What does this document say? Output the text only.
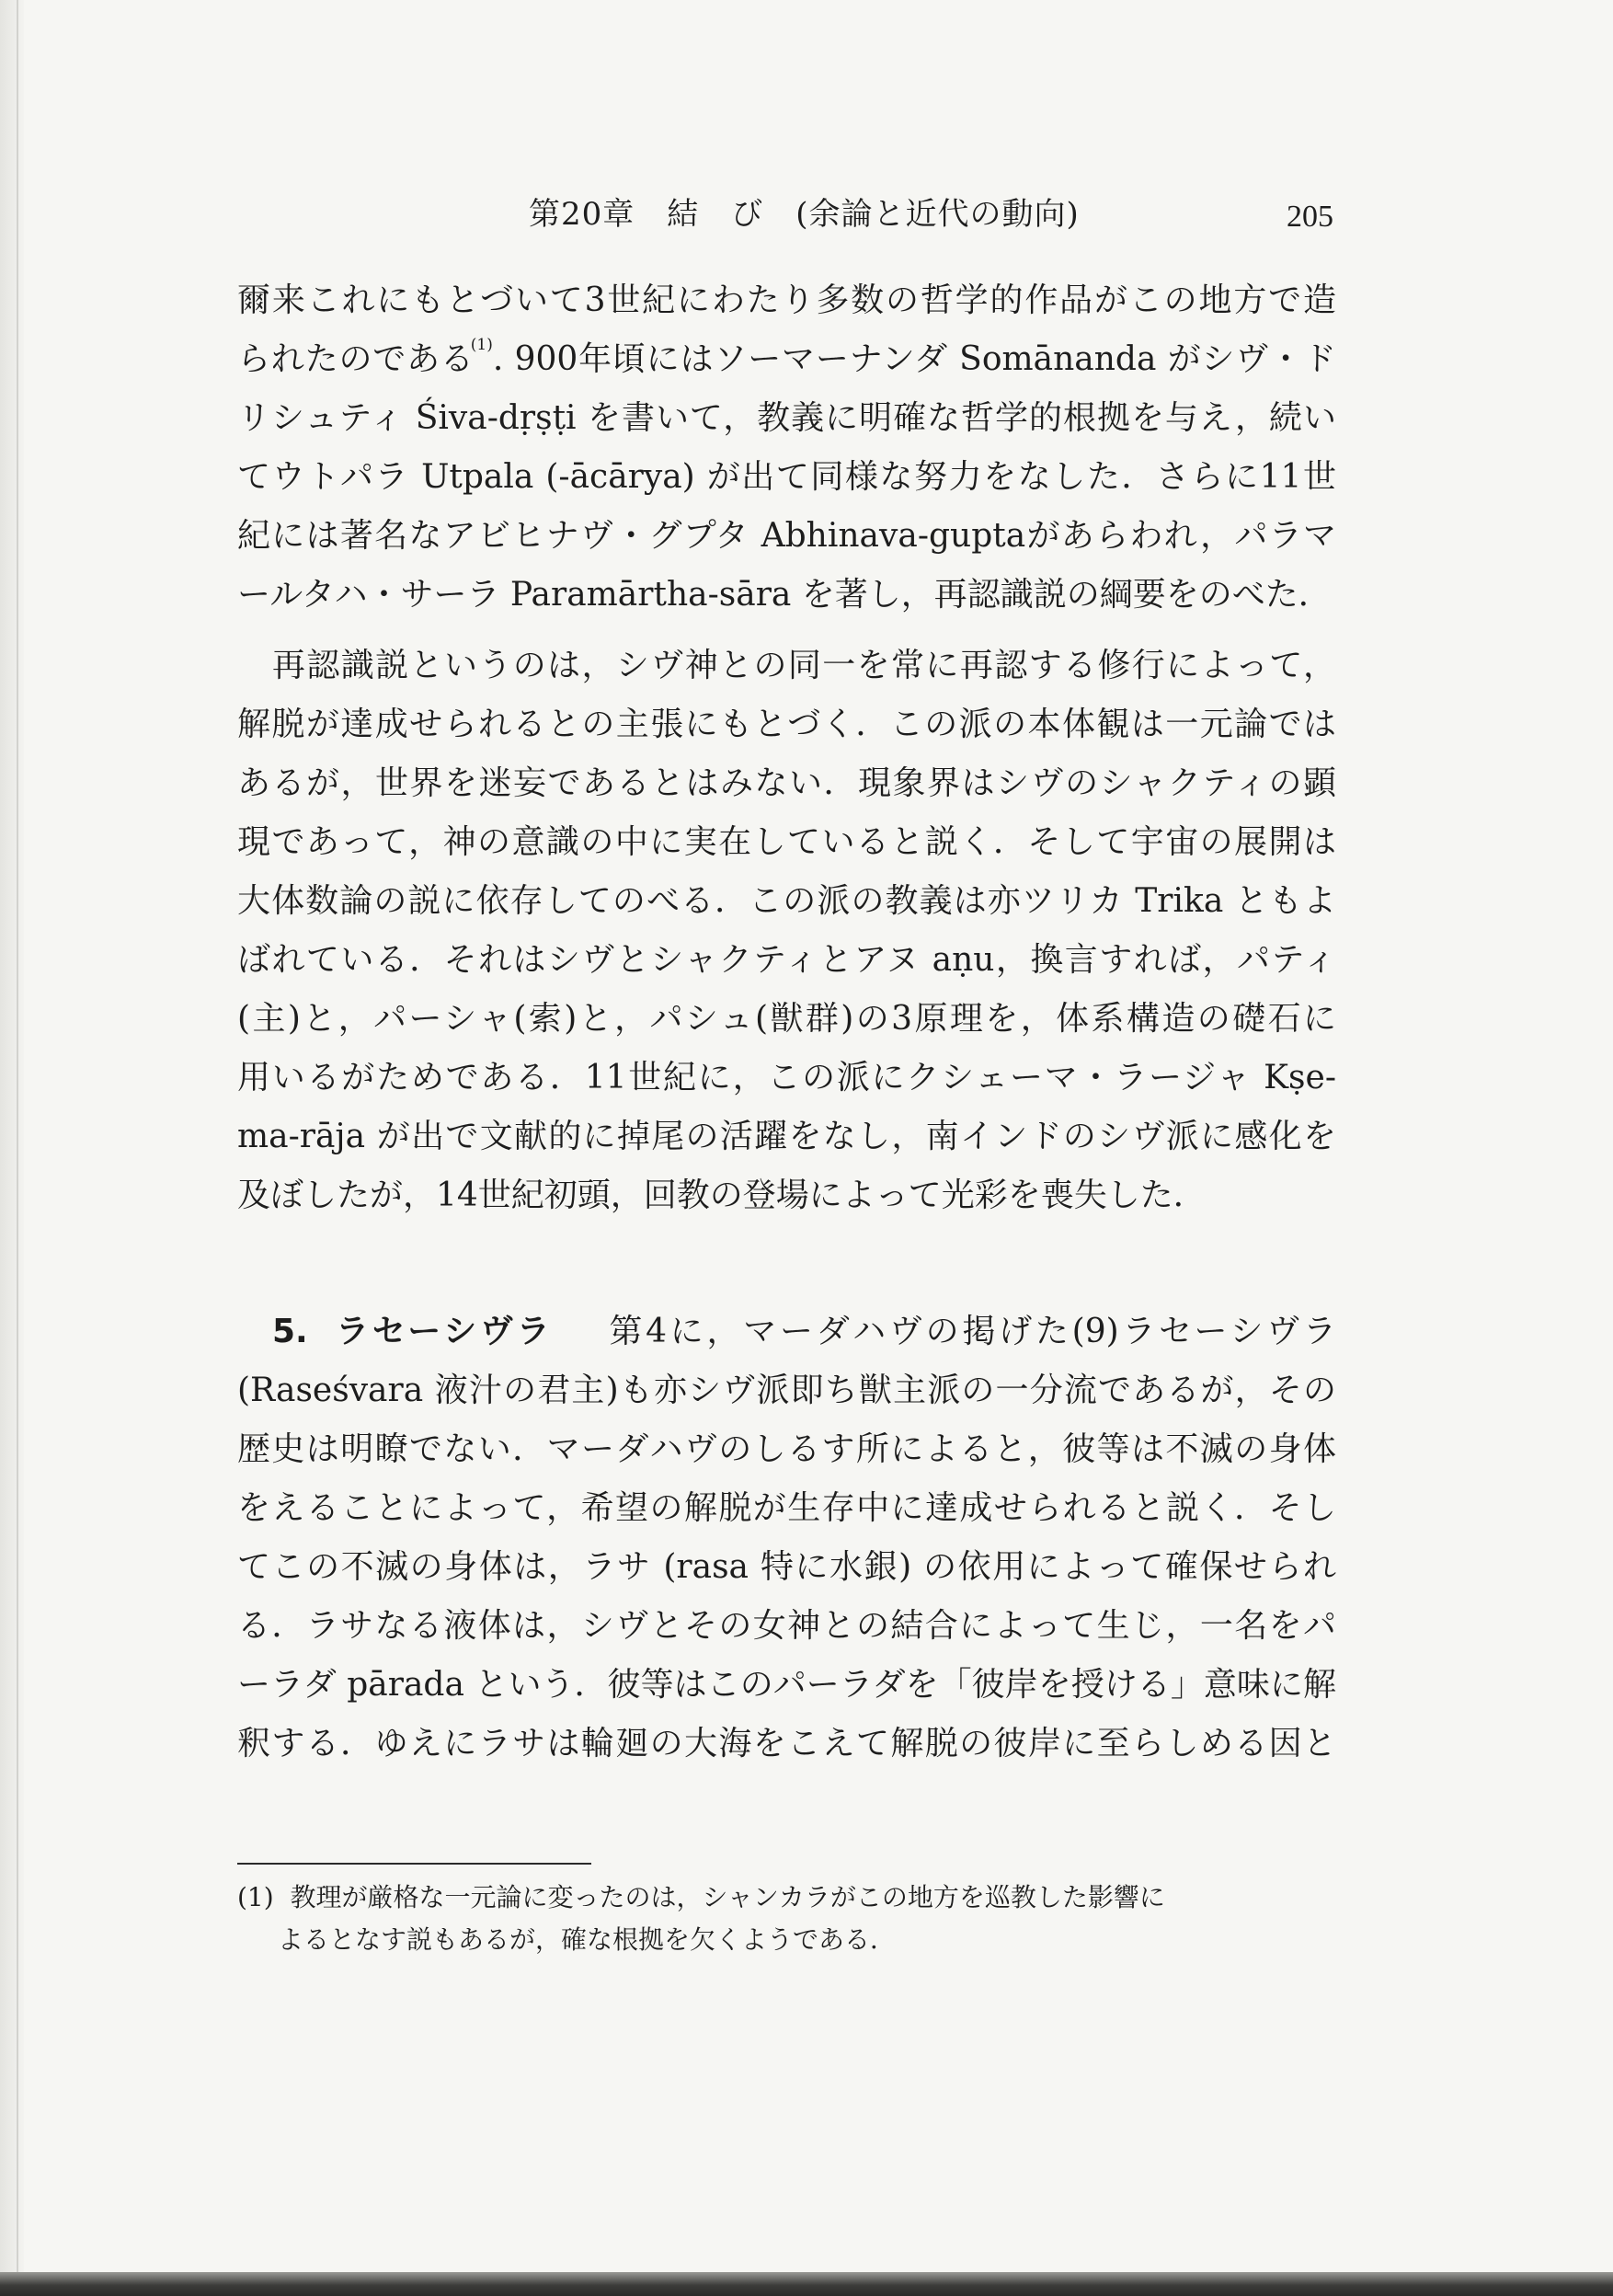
第20章　結　び　(余論と近代の動向)	205
爾来これにもとづいて3世紀にわたり多数の哲学的作品がこの地方で造
られたのである$^{(1)}$. 900年頃にはソーマーナンダ Somānanda がシヴ・ド
リシュティ Śiva-dṛṣṭi を書いて，教義に明確な哲学的根拠を与え，続い
てウトパラ Utpala (-ācārya) が出て同様な努力をなした．さらに11世
紀には著名なアビヒナヴ・グプタ Abhinava-guptaがあらわれ，パラマ
ールタハ・サーラ Paramārtha-sāra を著し，再認識説の綱要をのべた．
再認識説というのは，シヴ神との同一を常に再認する修行によって，
解脱が達成せられるとの主張にもとづく．この派の本体観は一元論では
あるが，世界を迷妄であるとはみない．現象界はシヴのシャクティの顕
現であって，神の意識の中に実在していると説く．そして宇宙の展開は
大体数論の説に依存してのべる．この派の教義は亦ツリカ Trika ともよ
ばれている．それはシヴとシャクティとアヌ aṇu，換言すれば，パティ
(主)と，パーシャ(索)と，パシュ(獣群)の3原理を，体系構造の礎石に
用いるがためである．11世紀に，この派にクシェーマ・ラージャ Kṣe-
ma-rāja が出で文献的に掉尾の活躍をなし，南インドのシヴ派に感化を
及ぼしたが，14世紀初頭，回教の登場によって光彩を喪失した．
5. ラセーシヴラ 第4に，マーダハヴの掲げた(9)ラセーシヴラ
(Raseśvara 液汁の君主)も亦シヴ派即ち獣主派の一分流であるが，その
歴史は明瞭でない．マーダハヴのしるす所によると，彼等は不滅の身体
をえることによって，希望の解脱が生存中に達成せられると説く．そし
てこの不滅の身体は，ラサ (rasa 特に水銀) の依用によって確保せられ
る．ラサなる液体は，シヴとその女神との結合によって生じ，一名をパ
ーラダ pārada という．彼等はこのパーラダを「彼岸を授ける」意味に解
釈する．ゆえにラサは輪廻の大海をこえて解脱の彼岸に至らしめる因と
(1) 教理が厳格な一元論に変ったのは，シャンカラがこの地方を巡教した影響に
よるとなす説もあるが，確な根拠を欠くようである．
